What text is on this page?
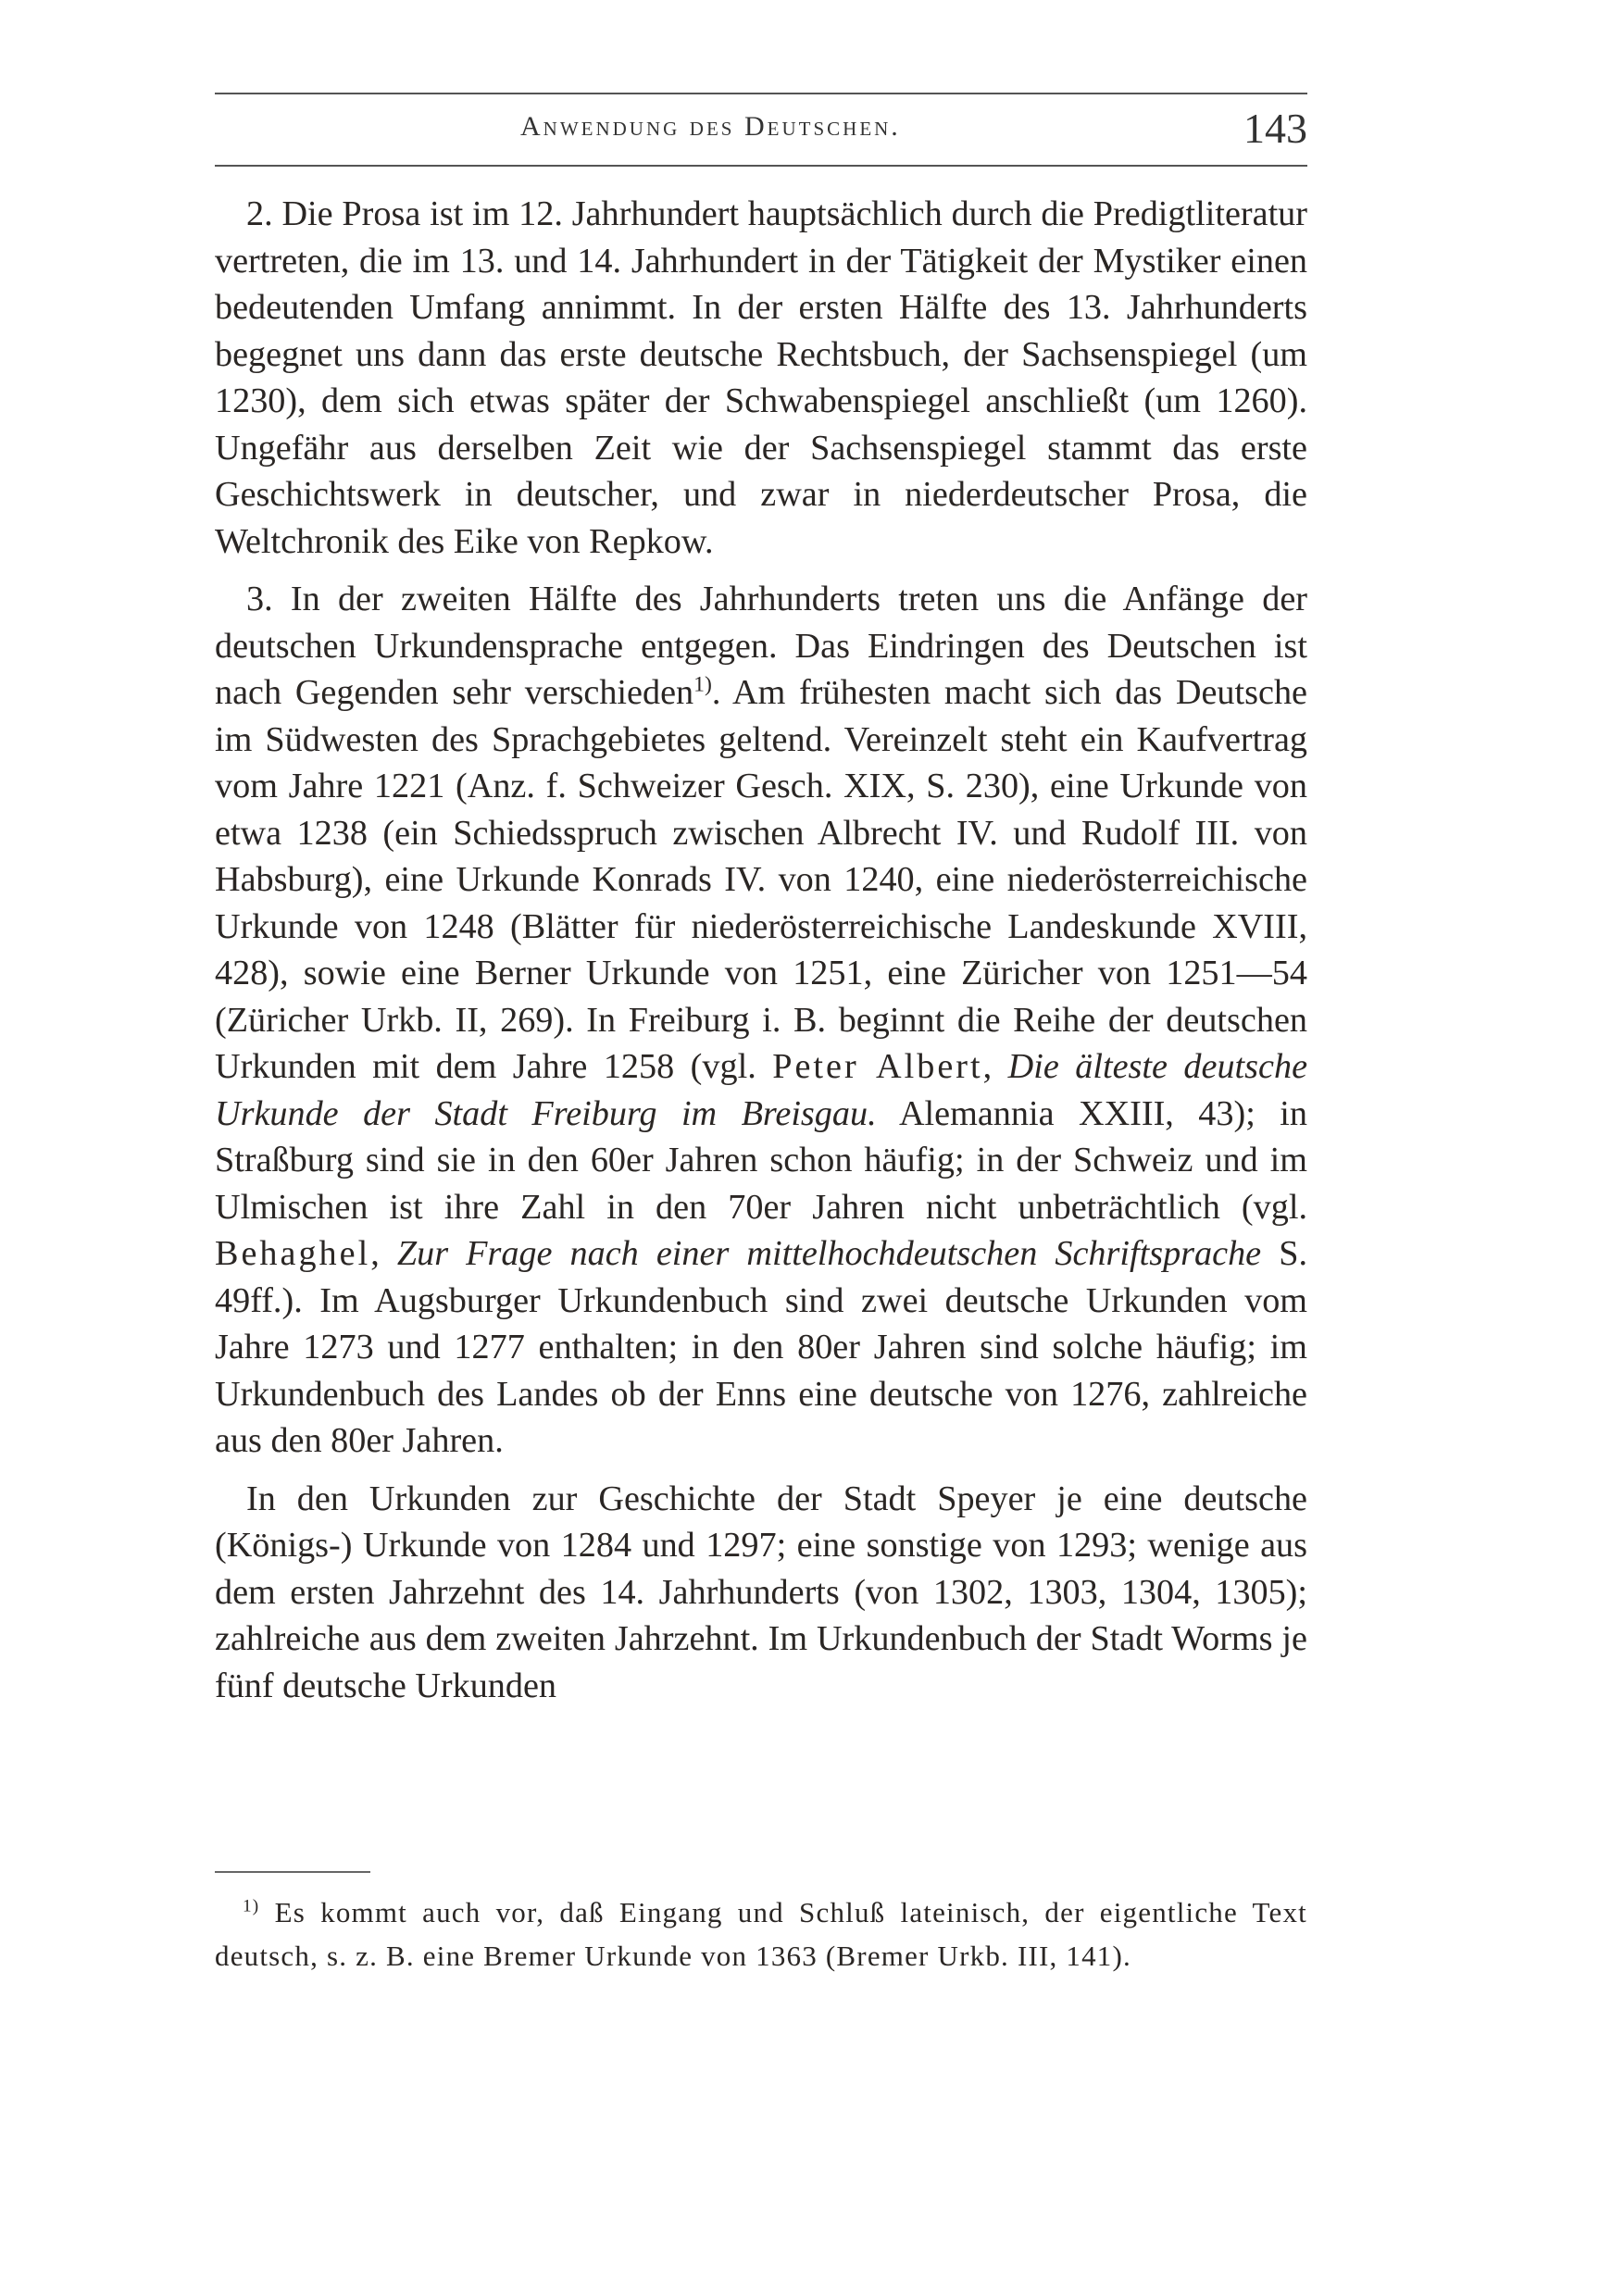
Anwendung des Deutschen.	143

2. Die Prosa ist im 12. Jahrhundert hauptsächlich durch die Predigtliteratur vertreten, die im 13. und 14. Jahrhundert in der Tätigkeit der Mystiker einen bedeutenden Umfang annimmt. In der ersten Hälfte des 13. Jahrhunderts begegnet uns dann das erste deutsche Rechtsbuch, der Sachsenspiegel (um 1230), dem sich etwas später der Schwabenspiegel anschließt (um 1260). Ungefähr aus derselben Zeit wie der Sachsenspiegel stammt das erste Geschichtswerk in deutscher, und zwar in niederdeutscher Prosa, die Weltchronik des Eike von Repkow.

3. In der zweiten Hälfte des Jahrhunderts treten uns die Anfänge der deutschen Urkundensprache entgegen. Das Eindringen des Deutschen ist nach Gegenden sehr verschieden$^{1)}$. Am frühesten macht sich das Deutsche im Südwesten des Sprachgebietes geltend. Vereinzelt steht ein Kaufvertrag vom Jahre 1221 (Anz. f. Schweizer Gesch. XIX, S. 230), eine Urkunde von etwa 1238 (ein Schiedsspruch zwischen Albrecht IV. und Rudolf III. von Habsburg), eine Urkunde Konrads IV. von 1240, eine niederösterreichische Urkunde von 1248 (Blätter für niederösterreichische Landeskunde XVIII, 428), sowie eine Berner Urkunde von 1251, eine Züricher von 1251—54 (Züricher Urkb. II, 269). In Freiburg i. B. beginnt die Reihe der deutschen Urkunden mit dem Jahre 1258 (vgl. Peter Albert, Die älteste deutsche Urkunde der Stadt Freiburg im Breisgau. Alemannia XXIII, 43); in Straßburg sind sie in den 60er Jahren schon häufig; in der Schweiz und im Ulmischen ist ihre Zahl in den 70er Jahren nicht unbeträchtlich (vgl. Behaghel, Zur Frage nach einer mittelhochdeutschen Schriftsprache S. 49ff.). Im Augsburger Urkundenbuch sind zwei deutsche Urkunden vom Jahre 1273 und 1277 enthalten; in den 80er Jahren sind solche häufig; im Urkundenbuch des Landes ob der Enns eine deutsche von 1276, zahlreiche aus den 80er Jahren.

In den Urkunden zur Geschichte der Stadt Speyer je eine deutsche (Königs-) Urkunde von 1284 und 1297; eine sonstige von 1293; wenige aus dem ersten Jahrzehnt des 14. Jahrhunderts (von 1302, 1303, 1304, 1305); zahlreiche aus dem zweiten Jahrzehnt. Im Urkundenbuch der Stadt Worms je fünf deutsche Urkunden

$^{1)}$ Es kommt auch vor, daß Eingang und Schluß lateinisch, der eigentliche Text deutsch, s. z. B. eine Bremer Urkunde von 1363 (Bremer Urkb. III, 141).
